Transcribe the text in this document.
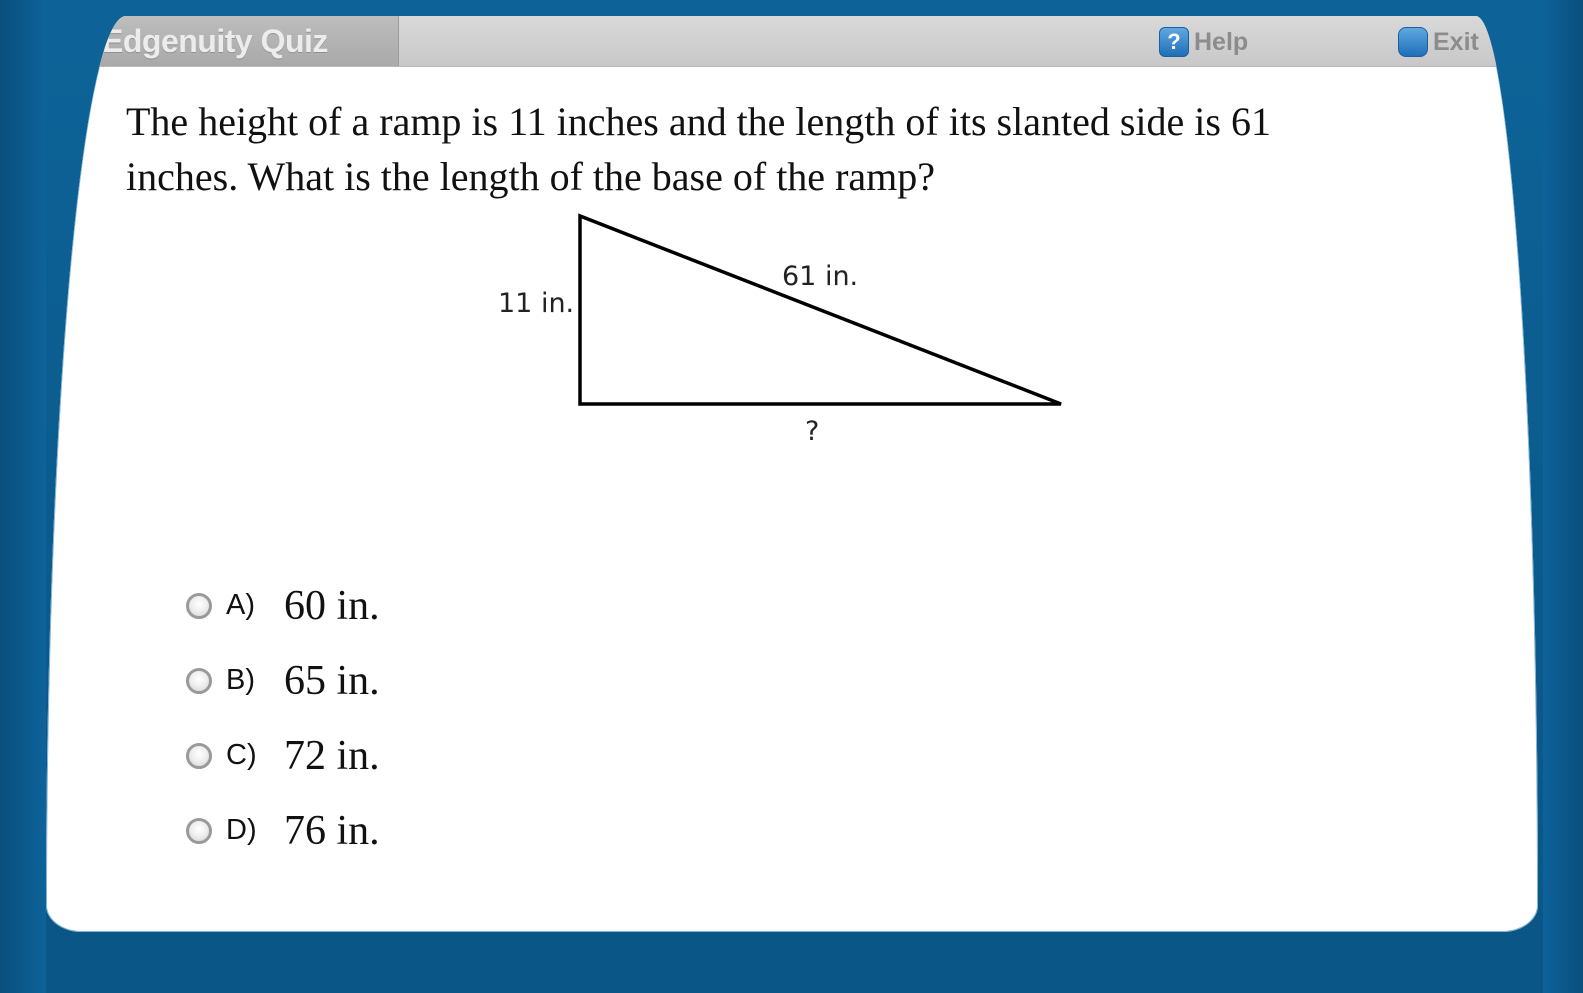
Edgenuity Quiz	? Help	Exit
The height of a ramp is 11 inches and the length of its slanted side is 61
inches. What is the length of the base of the ramp?
11 in.
61 in.
?
A) 60 in.
B) 65 in.
C) 72 in.
D) 76 in.
